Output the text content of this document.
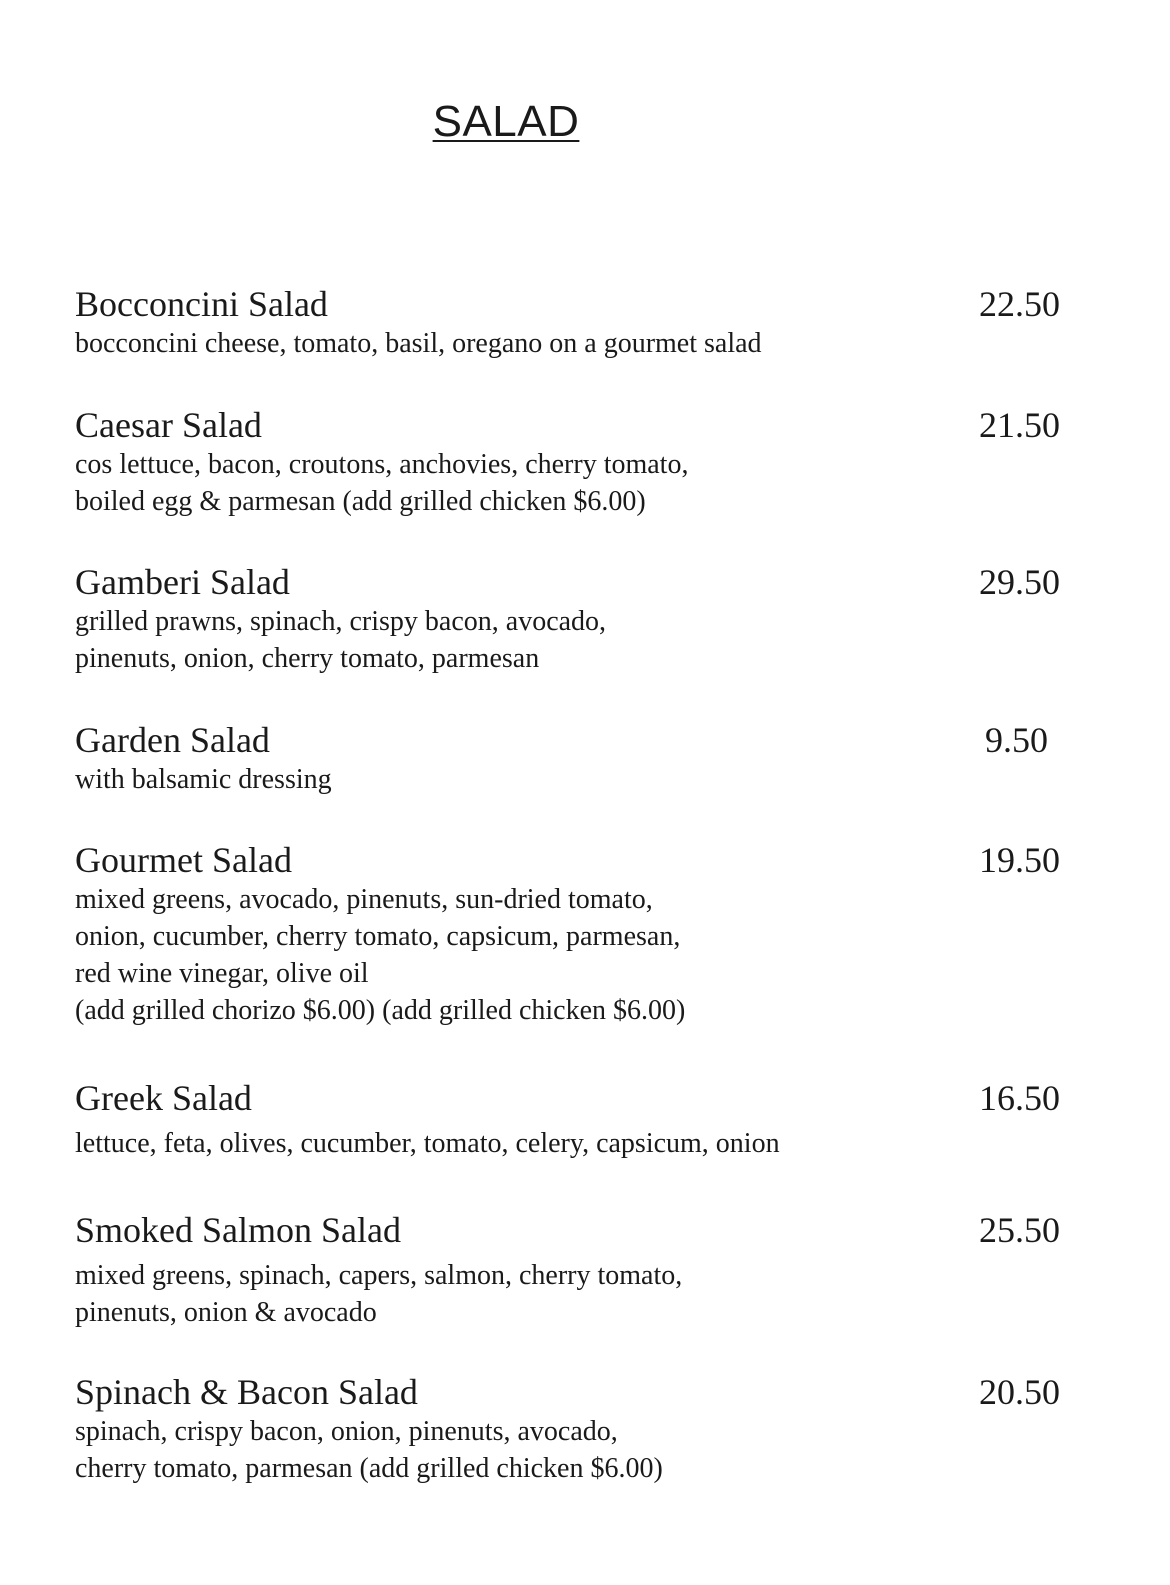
SALAD
Bocconcini Salad	22.50

bocconcini cheese, tomato, basil, oregano on a gourmet salad

Caesar Salad	21.50

cos lettuce, bacon, croutons, anchovies, cherry tomato,

boiled egg & parmesan (add grilled chicken $6.00)

Gamberi Salad	29.50

grilled prawns, spinach, crispy bacon, avocado,

pinenuts, onion, cherry tomato, parmesan

Garden Salad	9.50

with balsamic dressing

Gourmet Salad	19.50

mixed greens, avocado, pinenuts, sun-dried tomato,

onion, cucumber, cherry tomato, capsicum, parmesan,

red wine vinegar, olive oil

(add grilled chorizo $6.00) (add grilled chicken $6.00)

Greek Salad	16.50

lettuce, feta, olives, cucumber, tomato, celery, capsicum, onion

Smoked Salmon Salad	25.50

mixed greens, spinach, capers, salmon, cherry tomato,

pinenuts, onion & avocado

Spinach & Bacon Salad	20.50

spinach, crispy bacon, onion, pinenuts, avocado,

cherry tomato, parmesan (add grilled chicken $6.00)
